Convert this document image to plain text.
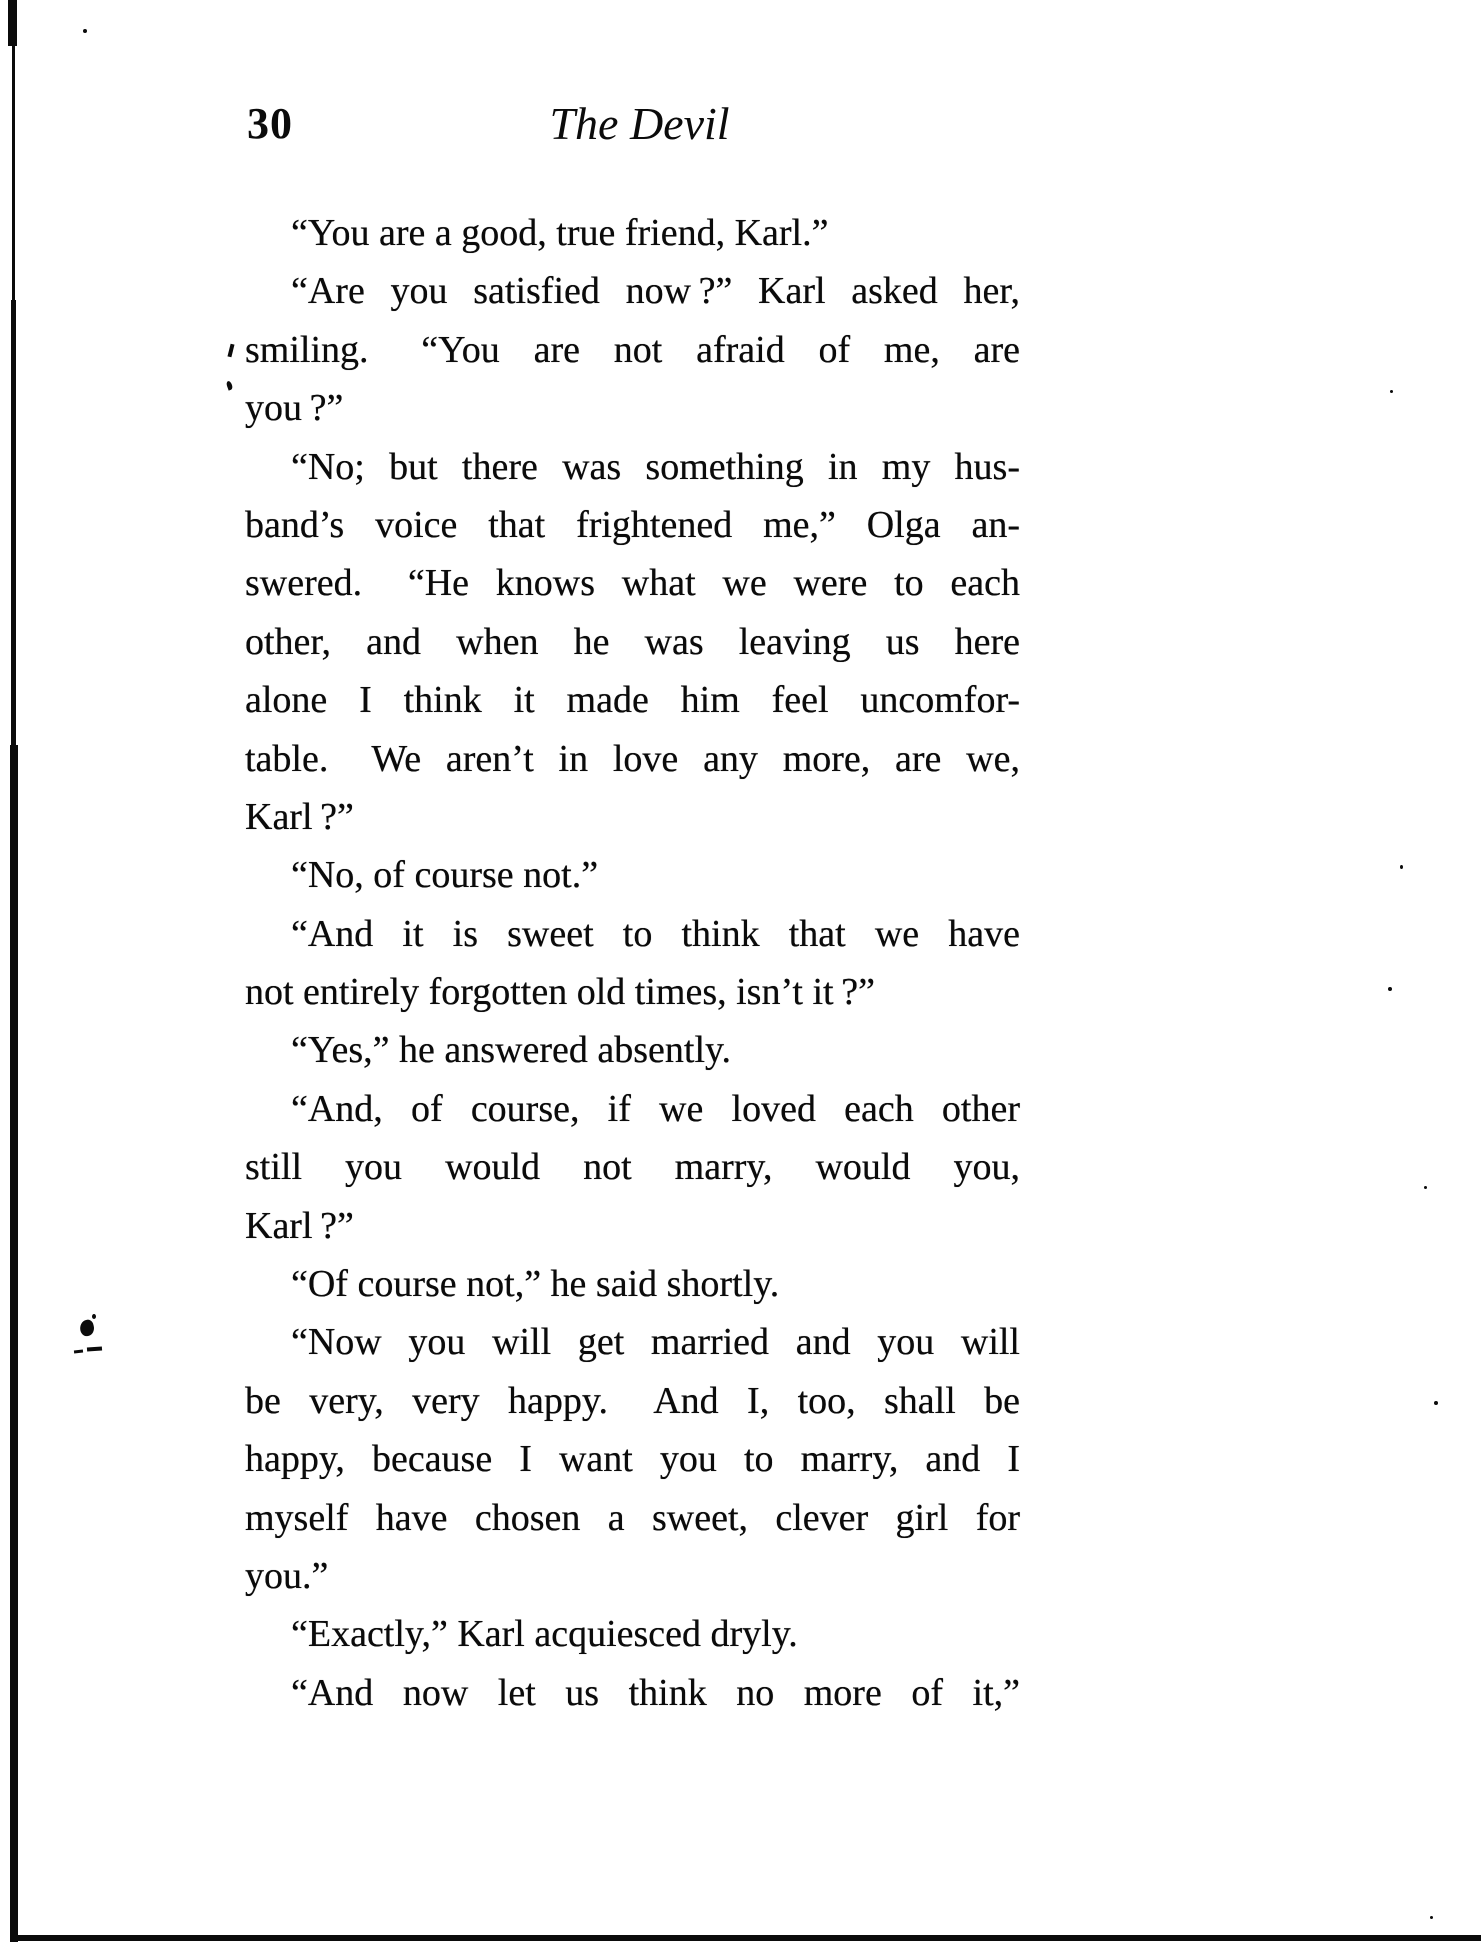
30	The Devil
“You are a good, true friend, Karl.”
“Are you satisfied now ?” Karl asked her,
smiling.  “You are not afraid of me, are
you ?”
“No; but there was something in my hus-
band’s voice that frightened me,” Olga an-
swered.  “He knows what we were to each
other, and when he was leaving us here
alone I think it made him feel uncomfor-
table.  We aren’t in love any more, are we,
Karl ?”
“No, of course not.”
“And it is sweet to think that we have
not entirely forgotten old times, isn’t it ?”
“Yes,” he answered absently.
“And, of course, if we loved each other
still you would not marry, would you,
Karl ?”
“Of course not,” he said shortly.
“Now you will get married and you will
be very, very happy.  And I, too, shall be
happy, because I want you to marry, and I
myself have chosen a sweet, clever girl for
you.”
“Exactly,” Karl acquiesced dryly.
“And now let us think no more of it,”
